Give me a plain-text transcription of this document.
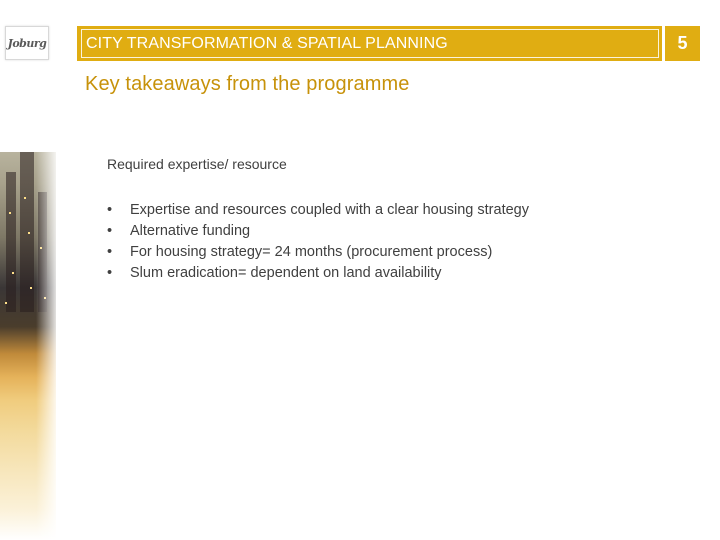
Joburg CITY TRANSFORMATION & SPATIAL PLANNING	5
Key takeaways from the programme
Required expertise/ resource
•	Expertise and resources coupled with a clear housing strategy
•	Alternative funding
•	For housing strategy= 24 months (procurement process)
•	Slum eradication= dependent on land availability
